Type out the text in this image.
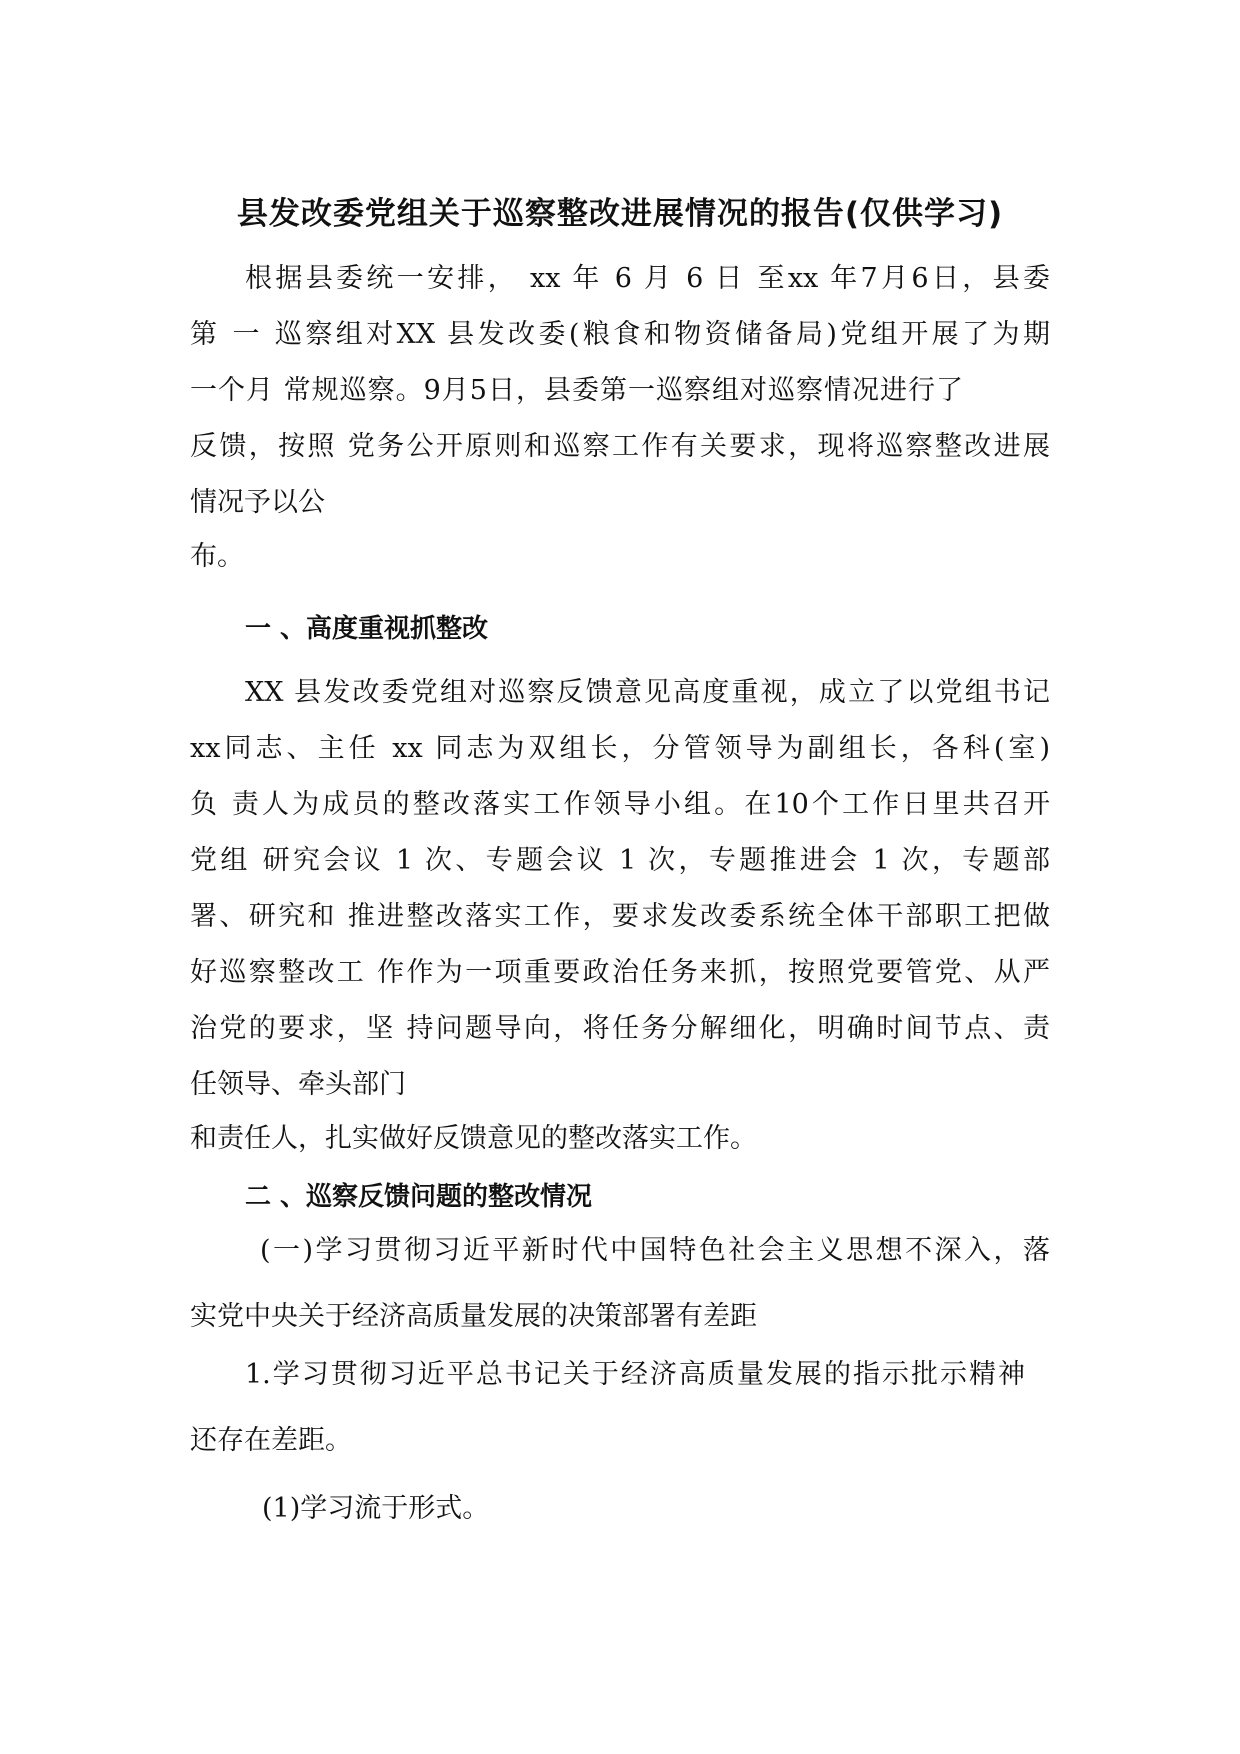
县发改委党组关于巡察整改进展情况的报告(仅供学习)

根据县委统一安排， xx 年 6 月 6 日 至xx 年7月6日，县委

第 一 巡察组对XX 县发改委(粮食和物资储备局)党组开展了为期

一个月 常规巡察。9月5日，县委第一巡察组对巡察情况进行了

反馈，按照 党务公开原则和巡察工作有关要求，现将巡察整改进展

情况予以公

布。

一 、高度重视抓整改

XX 县发改委党组对巡察反馈意见高度重视，成立了以党组书记

xx同志、主任 xx 同志为双组长，分管领导为副组长，各科(室)

负 责人为成员的整改落实工作领导小组。在10个工作日里共召开

党组 研究会议 1 次、专题会议 1 次，专题推进会 1 次，专题部

署、研究和 推进整改落实工作，要求发改委系统全体干部职工把做

好巡察整改工 作作为一项重要政治任务来抓，按照党要管党、从严

治党的要求，坚 持问题导向，将任务分解细化，明确时间节点、责

任领导、牵头部门

和责任人，扎实做好反馈意见的整改落实工作。

二 、巡察反馈问题的整改情况

(一)学习贯彻习近平新时代中国特色社会主义思想不深入，落

实党中央关于经济高质量发展的决策部署有差距

1.学习贯彻习近平总书记关于经济高质量发展的指示批示精神

还存在差距。

(1)学习流于形式。
